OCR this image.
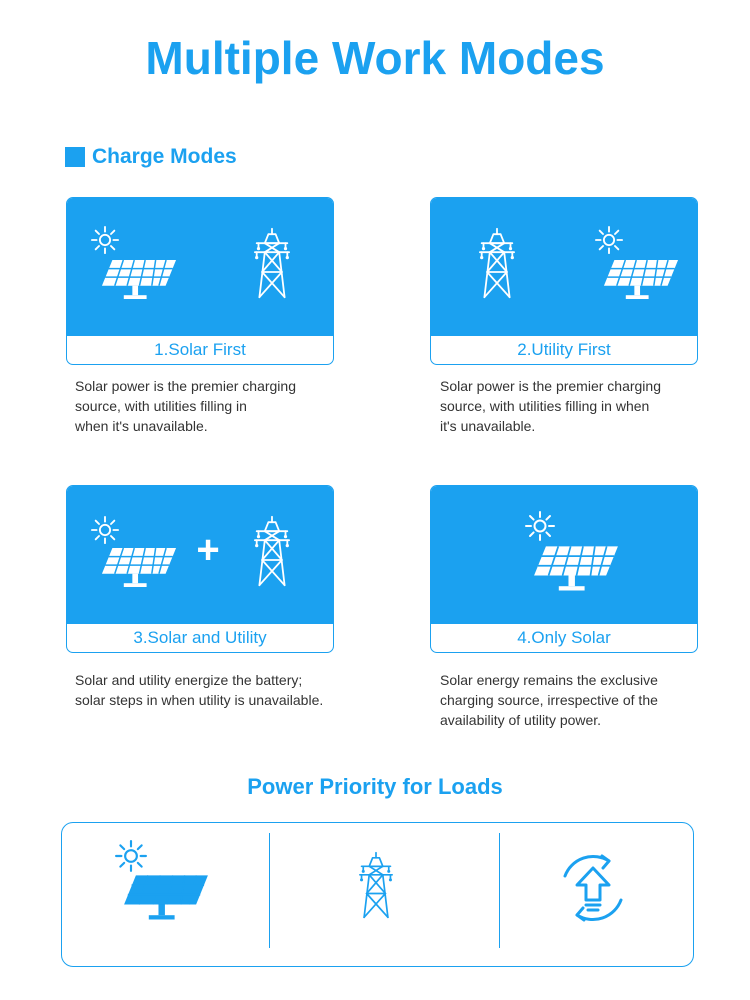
Multiple Work Modes
Charge Modes
1.Solar First
Solar power is the premier charging
source, with utilities filling in
when it's unavailable.
2.Utility First
Solar power is the premier charging
source, with utilities filling in when
it's unavailable.
+
3.Solar and Utility
Solar and utility energize the battery;
solar steps in when utility is unavailable.
4.Only Solar
Solar energy remains the exclusive
charging source, irrespective of the
availability of utility power.
Power Priority for Loads
